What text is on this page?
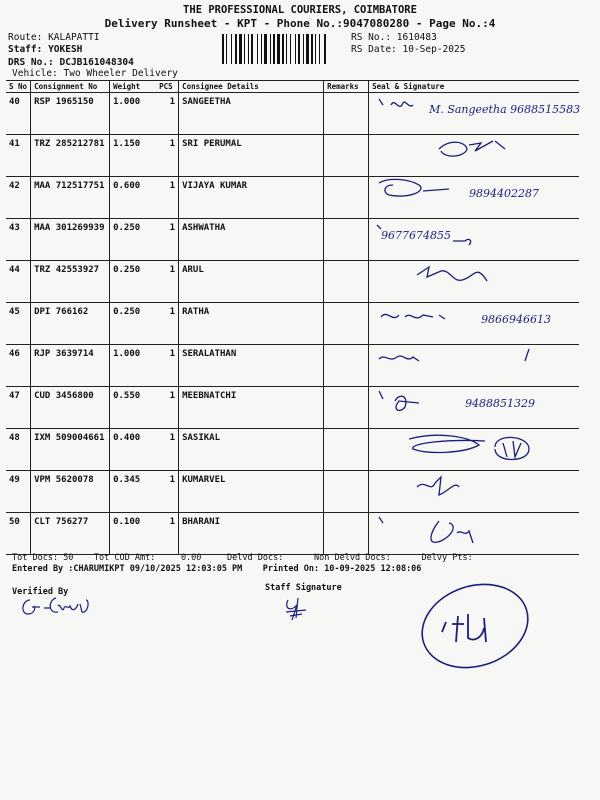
THE PROFESSIONAL COURIERS, COIMBATORE
Delivery Runsheet - KPT - Phone No.:9047080280 - Page No.:4
Route: KALAPATTI
Staff: YOKESH
DRS No.: DCJB161048304
Vehicle: Two Wheeler Delivery
RS No.: 1610483
RS Date: 10-Sep-2025
S No	Consignment No	Weight	PCS	Consignee Details	Remarks	Seal & Signature
40	RSP 1965150	1.000	1	SANGEETHA		M. Sangeetha 9688515583

41	TRZ 285212781	1.150	1	SRI PERUMAL		

42	MAA 712517751	0.600	1	VIJAYA KUMAR		9894402287

43	MAA 301269939	0.250	1	ASHWATHA		9677674855

44	TRZ 42553927	0.250	1	ARUL		

45	DPI 766162	0.250	1	RATHA		9866946613

46	RJP 3639714	1.000	1	SERALATHAN		

47	CUD 3456800	0.550	1	MEEBNATCHI		9488851329

48	IXM 509004661	0.400	1	SASIKAL		

49	VPM 5620078	0.345	1	KUMARVEL		

50	CLT 756277	0.100	1	BHARANI		
Tot Docs: 50 Tot COD Amt:	0.00	Delvd Docs:	Non Delvd Docs:	Delvy Pts:
Entered By :CHARUMIKPT 09/10/2025 12:03:05 PM Printed On: 10-09-2025 12:08:06
Verified By	Staff Signature
